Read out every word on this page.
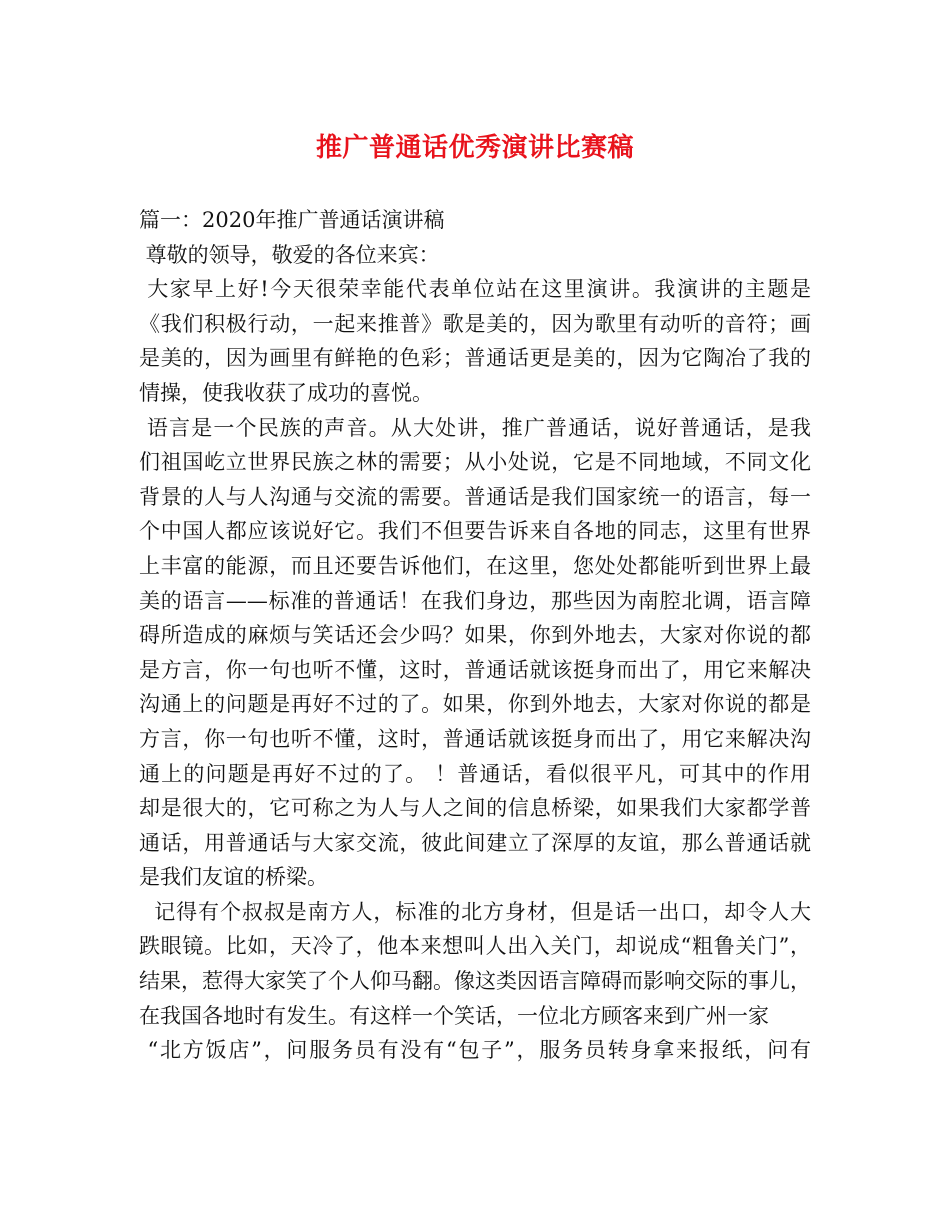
推广普通话优秀演讲比赛稿
篇一：2020年推广普通话演讲稿
尊敬的领导，敬爱的各位来宾：
大家早上好!今天很荣幸能代表单位站在这里演讲。我演讲的主题是
《我们积极行动，一起来推普》歌是美的，因为歌里有动听的音符；画
是美的，因为画里有鲜艳的色彩；普通话更是美的，因为它陶冶了我的
情操，使我收获了成功的喜悦。
语言是一个民族的声音。从大处讲，推广普通话，说好普通话，是我
们祖国屹立世界民族之林的需要；从小处说，它是不同地域，不同文化
背景的人与人沟通与交流的需要。普通话是我们国家统一的语言，每一
个中国人都应该说好它。我们不但要告诉来自各地的同志，这里有世界
上丰富的能源，而且还要告诉他们，在这里，您处处都能听到世界上最
美的语言——标准的普通话！在我们身边，那些因为南腔北调，语言障
碍所造成的麻烦与笑话还会少吗？如果，你到外地去，大家对你说的都
是方言，你一句也听不懂，这时，普通话就该挺身而出了，用它来解决
沟通上的问题是再好不过的了。如果，你到外地去，大家对你说的都是
方言，你一句也听不懂，这时，普通话就该挺身而出了，用它来解决沟
通上的问题是再好不过的了。 ！普通话，看似很平凡，可其中的作用
却是很大的，它可称之为人与人之间的信息桥梁，如果我们大家都学普
通话，用普通话与大家交流，彼此间建立了深厚的友谊，那么普通话就
是我们友谊的桥梁。
记得有个叔叔是南方人，标准的北方身材，但是话一出口，却令人大
跌眼镜。比如，天冷了，他本来想叫人出入关门，却说成“粗鲁关门”，
结果，惹得大家笑了个人仰马翻。像这类因语言障碍而影响交际的事儿，
在我国各地时有发生。有这样一个笑话，一位北方顾客来到广州一家
“北方饭店”，问服务员有没有“包子”，服务员转身拿来报纸，问有
